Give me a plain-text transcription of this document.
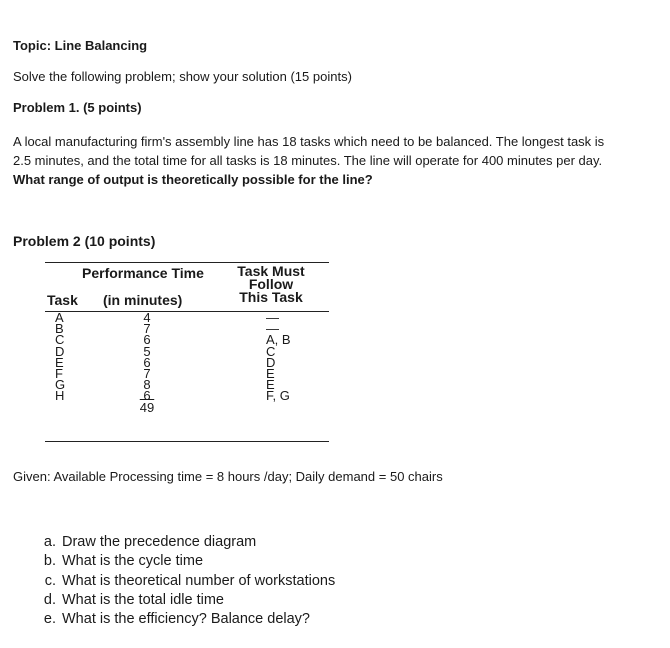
Topic: Line Balancing
Solve the following problem; show your solution (15 points)
Problem 1. (5 points)
A local manufacturing firm's assembly line has 18 tasks which need to be balanced. The longest task is
2.5 minutes, and the total time for all tasks is 18 minutes. The line will operate for 400 minutes per day.
What range of output is theoretically possible for the line?
Problem 2 (10 points)
Performance Time
Task (in minutes)
Task Must
Follow
This Task
A
B
C
D
E
F
G
H
4
7
6
5
6
7
8
6
49
—
—
A, B
C
D
E
E
F, G
Given: Available Processing time = 8 hours /day; Daily demand = 50 chairs
a. Draw the precedence diagram
b. What is the cycle time
c. What is theoretical number of workstations
d. What is the total idle time
e. What is the efficiency? Balance delay?
